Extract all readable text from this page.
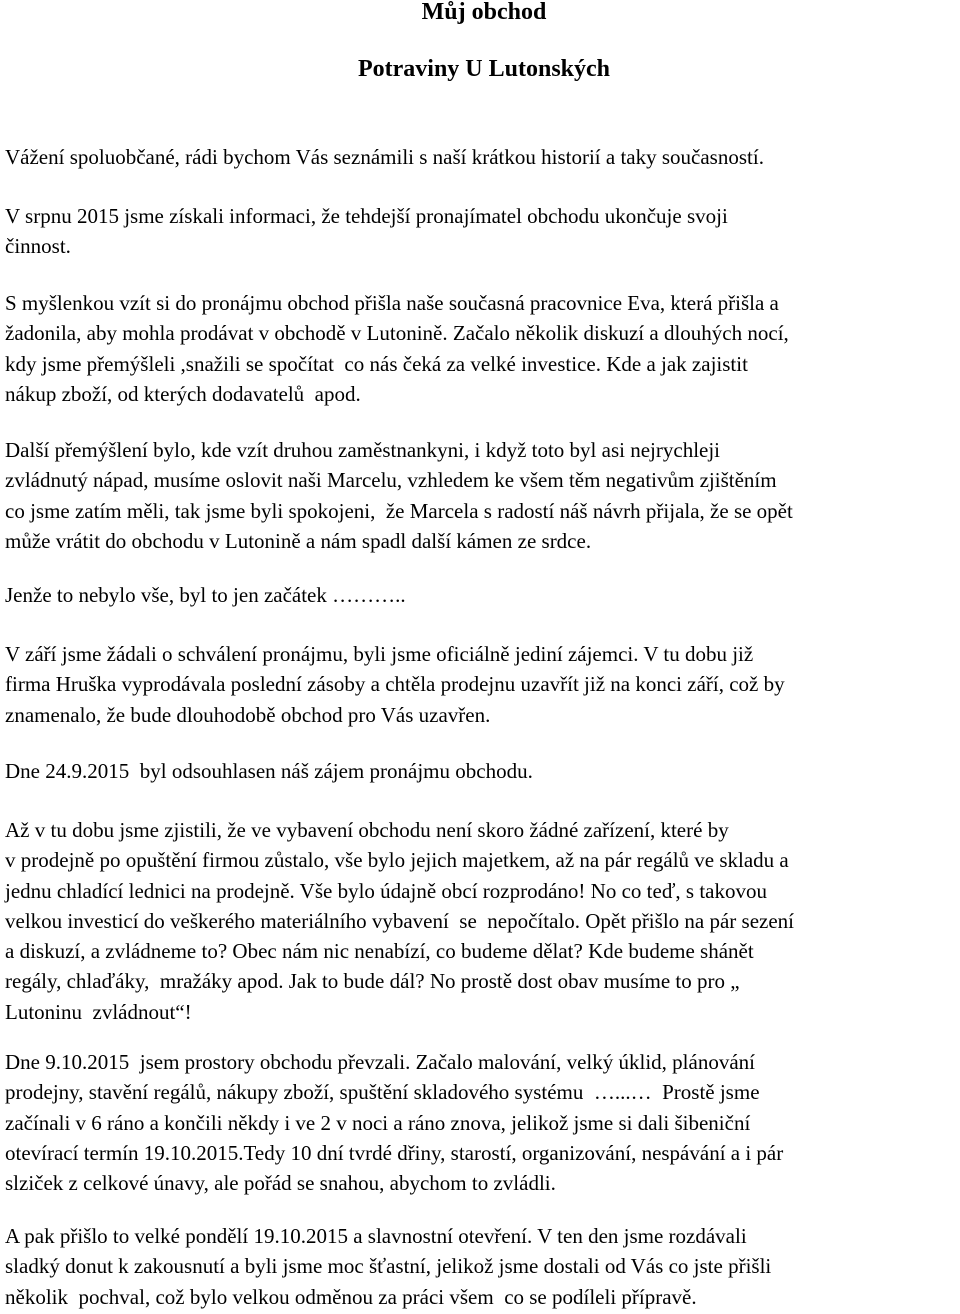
Můj obchod
Potraviny U Lutonských

Vážení spoluobčané, rádi bychom Vás seznámili s naší krátkou historií a taky současností.

V srpnu 2015 jsme získali informaci, že tehdejší pronajímatel obchodu ukončuje svoji
činnost.

S myšlenkou vzít si do pronájmu obchod přišla naše současná pracovnice Eva, která přišla a
žadonila, aby mohla prodávat v obchodě v Lutonině. Začalo několik diskuzí a dlouhých nocí,
kdy jsme přemýšleli ,snažili se spočítat  co nás čeká za velké investice. Kde a jak zajistit
nákup zboží, od kterých dodavatelů  apod.

Další přemýšlení bylo, kde vzít druhou zaměstnankyni, i když toto byl asi nejrychleji
zvládnutý nápad, musíme oslovit naši Marcelu, vzhledem ke všem těm negativům zjištěním
co jsme zatím měli, tak jsme byli spokojeni,  že Marcela s radostí náš návrh přijala, že se opět
může vrátit do obchodu v Lutonině a nám spadl další kámen ze srdce.

Jenže to nebylo vše, byl to jen začátek ………..

V září jsme žádali o schválení pronájmu, byli jsme oficiálně jediní zájemci. V tu dobu již
firma Hruška vyprodávala poslední zásoby a chtěla prodejnu uzavřít již na konci září, což by
znamenalo, že bude dlouhodobě obchod pro Vás uzavřen.

Dne 24.9.2015  byl odsouhlasen náš zájem pronájmu obchodu.

Až v tu dobu jsme zjistili, že ve vybavení obchodu není skoro žádné zařízení, které by
v prodejně po opuštění firmou zůstalo, vše bylo jejich majetkem, až na pár regálů ve skladu a
jednu chladící lednici na prodejně. Vše bylo údajně obcí rozprodáno! No co teď, s takovou
velkou investicí do veškerého materiálního vybavení  se  nepočítalo. Opět přišlo na pár sezení
a diskuzí, a zvládneme to? Obec nám nic nenabízí, co budeme dělat? Kde budeme shánět
regály, chlaďáky,  mražáky apod. Jak to bude dál? No prostě dost obav musíme to pro „
Lutoninu  zvládnout“!

Dne 9.10.2015  jsem prostory obchodu převzali. Začalo malování, velký úklid, plánování
prodejny, stavění regálů, nákupy zboží, spuštění skladového systému  …...…  Prostě jsme
začínali v 6 ráno a končili někdy i ve 2 v noci a ráno znova, jelikož jsme si dali šibeniční
otevírací termín 19.10.2015.Tedy 10 dní tvrdé dřiny, starostí, organizování, nespávání a i pár
slziček z celkové únavy, ale pořád se snahou, abychom to zvládli.

A pak přišlo to velké pondělí 19.10.2015 a slavnostní otevření. V ten den jsme rozdávali
sladký donut k zakousnutí a byli jsme moc šťastní, jelikož jsme dostali od Vás co jste přišli
několik  pochval, což bylo velkou odměnou za práci všem  co se podíleli přípravě.
